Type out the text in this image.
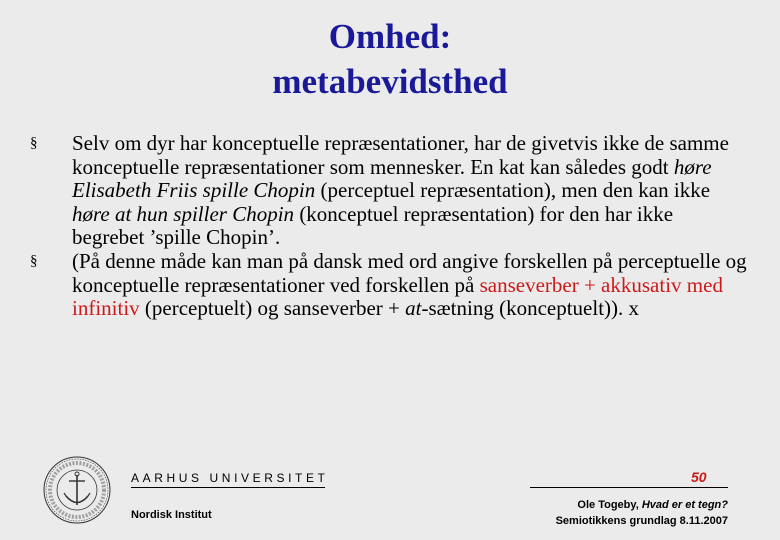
Omhed:
metabevidsthed
§	Selv om dyr har konceptuelle repræsentationer, har de givetvis ikke de samme konceptuelle repræsentationer som mennesker. En kat kan således godt høre Elisabeth Friis spille Chopin (perceptuel repræsentation), men den kan ikke høre at hun spiller Chopin (konceptuel repræsentation) for den har ikke begrebet ’spille Chopin’.
§	(På denne måde kan man på dansk med ord angive forskellen på perceptuelle og konceptuelle repræsentationer ved forskellen på sanseverber + akkusativ med infinitiv (perceptuelt) og sanseverber + at-sætning (konceptuelt)). x
AARHUS UNIVERSITET
Nordisk Institut
50
Ole Togeby, Hvad er et tegn?
Semiotikkens grundlag 8.11.2007
